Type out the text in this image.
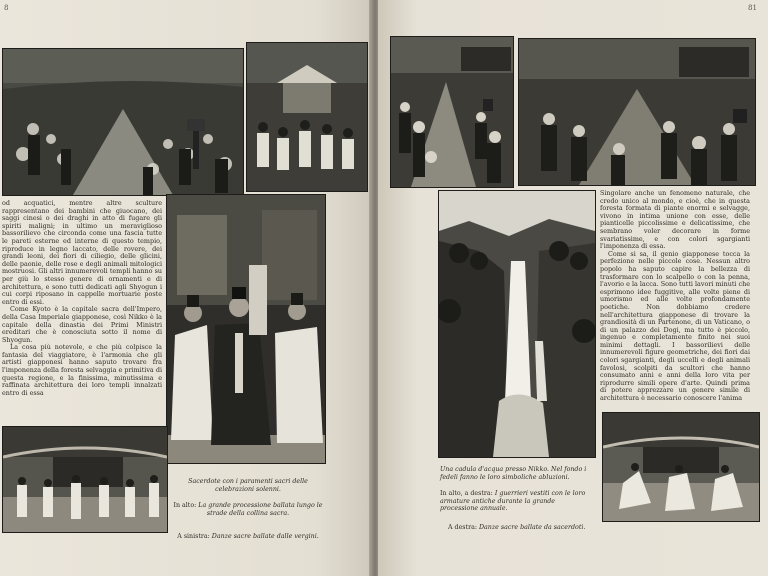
8

od acquatici, mentre altre sculture rappresentano dei bambini che giuocano, dei saggi cinesi o dei draghi in atto di fugare gli spiriti maligni; in ultimo un meraviglioso bassorilievo che circonda come una fascia tutte le pareti esterne ed interne di questo tempio, riproduce in legno laccato, delle rovere, dei grandi leoni, dei fiori di ciliegio, delle glicini, delle paonie, delle rose e degli animali mitologici mostruosi. Gli altri innumerevoli templi hanno su per giù lo stesso genere di ornamenti e di architettura, e sono tutti dedicati agli Shyogun i cui corpi riposano in cappelle mortuarie poste entro di essi.

Come Kyoto è la capitale sacra dell'Impero, della Casa Imperiale giapponese, così Nikko è la capitale della dinastia dei Primi Ministri ereditari che è conosciuta sotto il nome di Shyogun.

La cosa più notevole, e che più colpisce la fantasia del viaggiatore, è l'armonia che gli artisti giapponesi hanno saputo trovare fra l'imponenza della foresta selvaggia e primitiva di questa regione, e la finissima, minutissima e raffinata architettura dei loro templi innalzati entro di essa

Sacerdote con i paramenti sacri delle celebrazioni solenni.
In alto: La grande processione ballata lungo le strade della collina sacra.
A sinistra: Danze sacre ballate dalle vergini.
81

Singolare anche un fenomeno naturale, che credo unico al mondo, e cioè, che in questa foresta formata di piante enormi e selvagge, vivono in intima unione con esse, delle pianticelle piccolissime e delicatissime, che sembrano voler decorare in forme svariatissime, e con colori sgargianti l'imponenza di essa.

Come si sa, il genio giapponese tocca la perfezione nelle piccole cose. Nessun altro popolo ha saputo capire la bellezza di trasformare con lo scalpello o con la penna, l'avorio e la lacca. Sono tutti lavori minuti che esprimono idee fuggitive, alle volte piene di umorismo ed alle volte profondamente poetiche. Non dobbiamo credere nell'architettura giapponese di trovare la grandiosità di un Partenone, di un Vaticano, o di un palazzo dei Dogi, ma tutto è piccolo, ingenuo e completamente finito nei suoi minimi dettagli. I bassorilievi delle innumerevoli figure geometriche, dei fiori dai colori sgargianti, degli uccelli e degli animali favolosi, scolpiti da scultori che hanno consumato anni e anni della loro vita per riprodurre simili opere d'arte. Quindi prima di potere apprezzare un genere simile di architettura è necessario conoscere l'anima

Una cadula d'acqua presso Nikko. Nel fondo i fedeli fanno le loro simboliche abluzioni.
In alto, a destra: I guerrieri vestiti con le loro armature antiche durante la grande processione annuale.
A destra: Danze sacre ballate da sacerdoti.
